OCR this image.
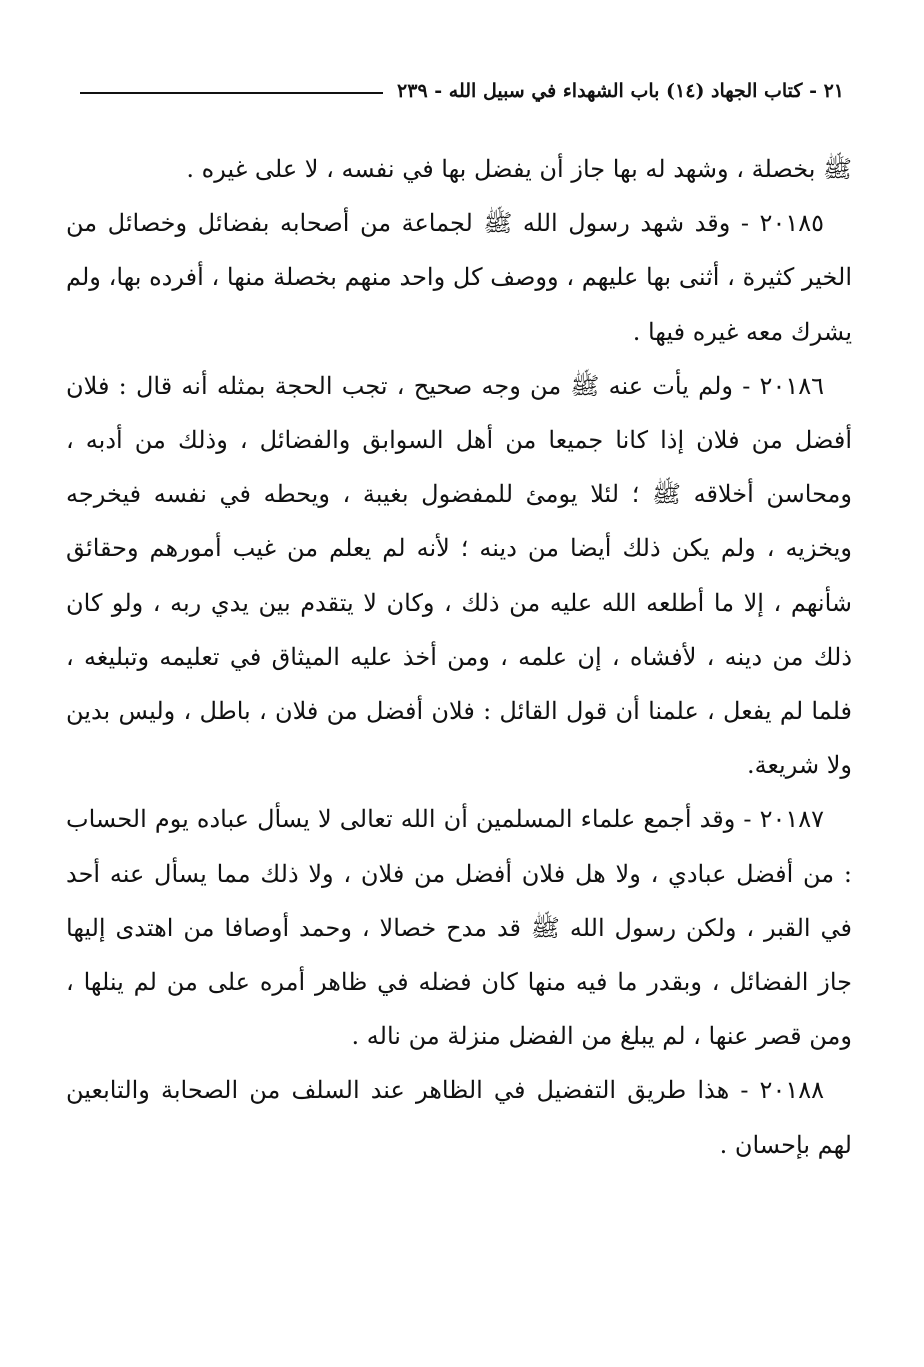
٢١ - كتاب الجهاد (١٤) باب الشهداء في سبيل الله - ٢٣٩

ﷺ بخصلة ، وشهد له بها جاز أن يفضل بها في نفسه ، لا على غيره .

٢٠١٨٥ - وقد شهد رسول الله ﷺ لجماعة من أصحابه بفضائل وخصائل من الخير كثيرة ، أثنى بها عليهم ، ووصف كل واحد منهم بخصلة منها ، أفرده بها، ولم يشرك معه غيره فيها .

٢٠١٨٦ - ولم يأت عنه ﷺ من وجه صحيح ، تجب الحجة بمثله أنه قال : فلان أفضل من فلان إذا كانا جميعا من أهل السوابق والفضائل ، وذلك من أدبه ، ومحاسن أخلاقه ﷺ ؛ لئلا يومئ للمفضول بغيبة ، ويحطه في نفسه فيخرجه ويخزيه ، ولم يكن ذلك أيضا من دينه ؛ لأنه لم يعلم من غيب أمورهم وحقائق شأنهم ، إلا ما أطلعه الله عليه من ذلك ، وكان لا يتقدم بين يدي ربه ، ولو كان ذلك من دينه ، لأفشاه ، إن علمه ، ومن أخذ عليه الميثاق في تعليمه وتبليغه ، فلما لم يفعل ، علمنا أن قول القائل : فلان أفضل من فلان ، باطل ، وليس بدين ولا شريعة.

٢٠١٨٧ - وقد أجمع علماء المسلمين أن الله تعالى لا يسأل عباده يوم الحساب : من أفضل عبادي ، ولا هل فلان أفضل من فلان ، ولا ذلك مما يسأل عنه أحد في القبر ، ولكن رسول الله ﷺ قد مدح خصالا ، وحمد أوصافا من اهتدى إليها جاز الفضائل ، وبقدر ما فيه منها كان فضله في ظاهر أمره على من لم ينلها ، ومن قصر عنها ، لم يبلغ من الفضل منزلة من ناله .

٢٠١٨٨ - هذا طريق التفضيل في الظاهر عند السلف من الصحابة والتابعين لهم بإحسان .
